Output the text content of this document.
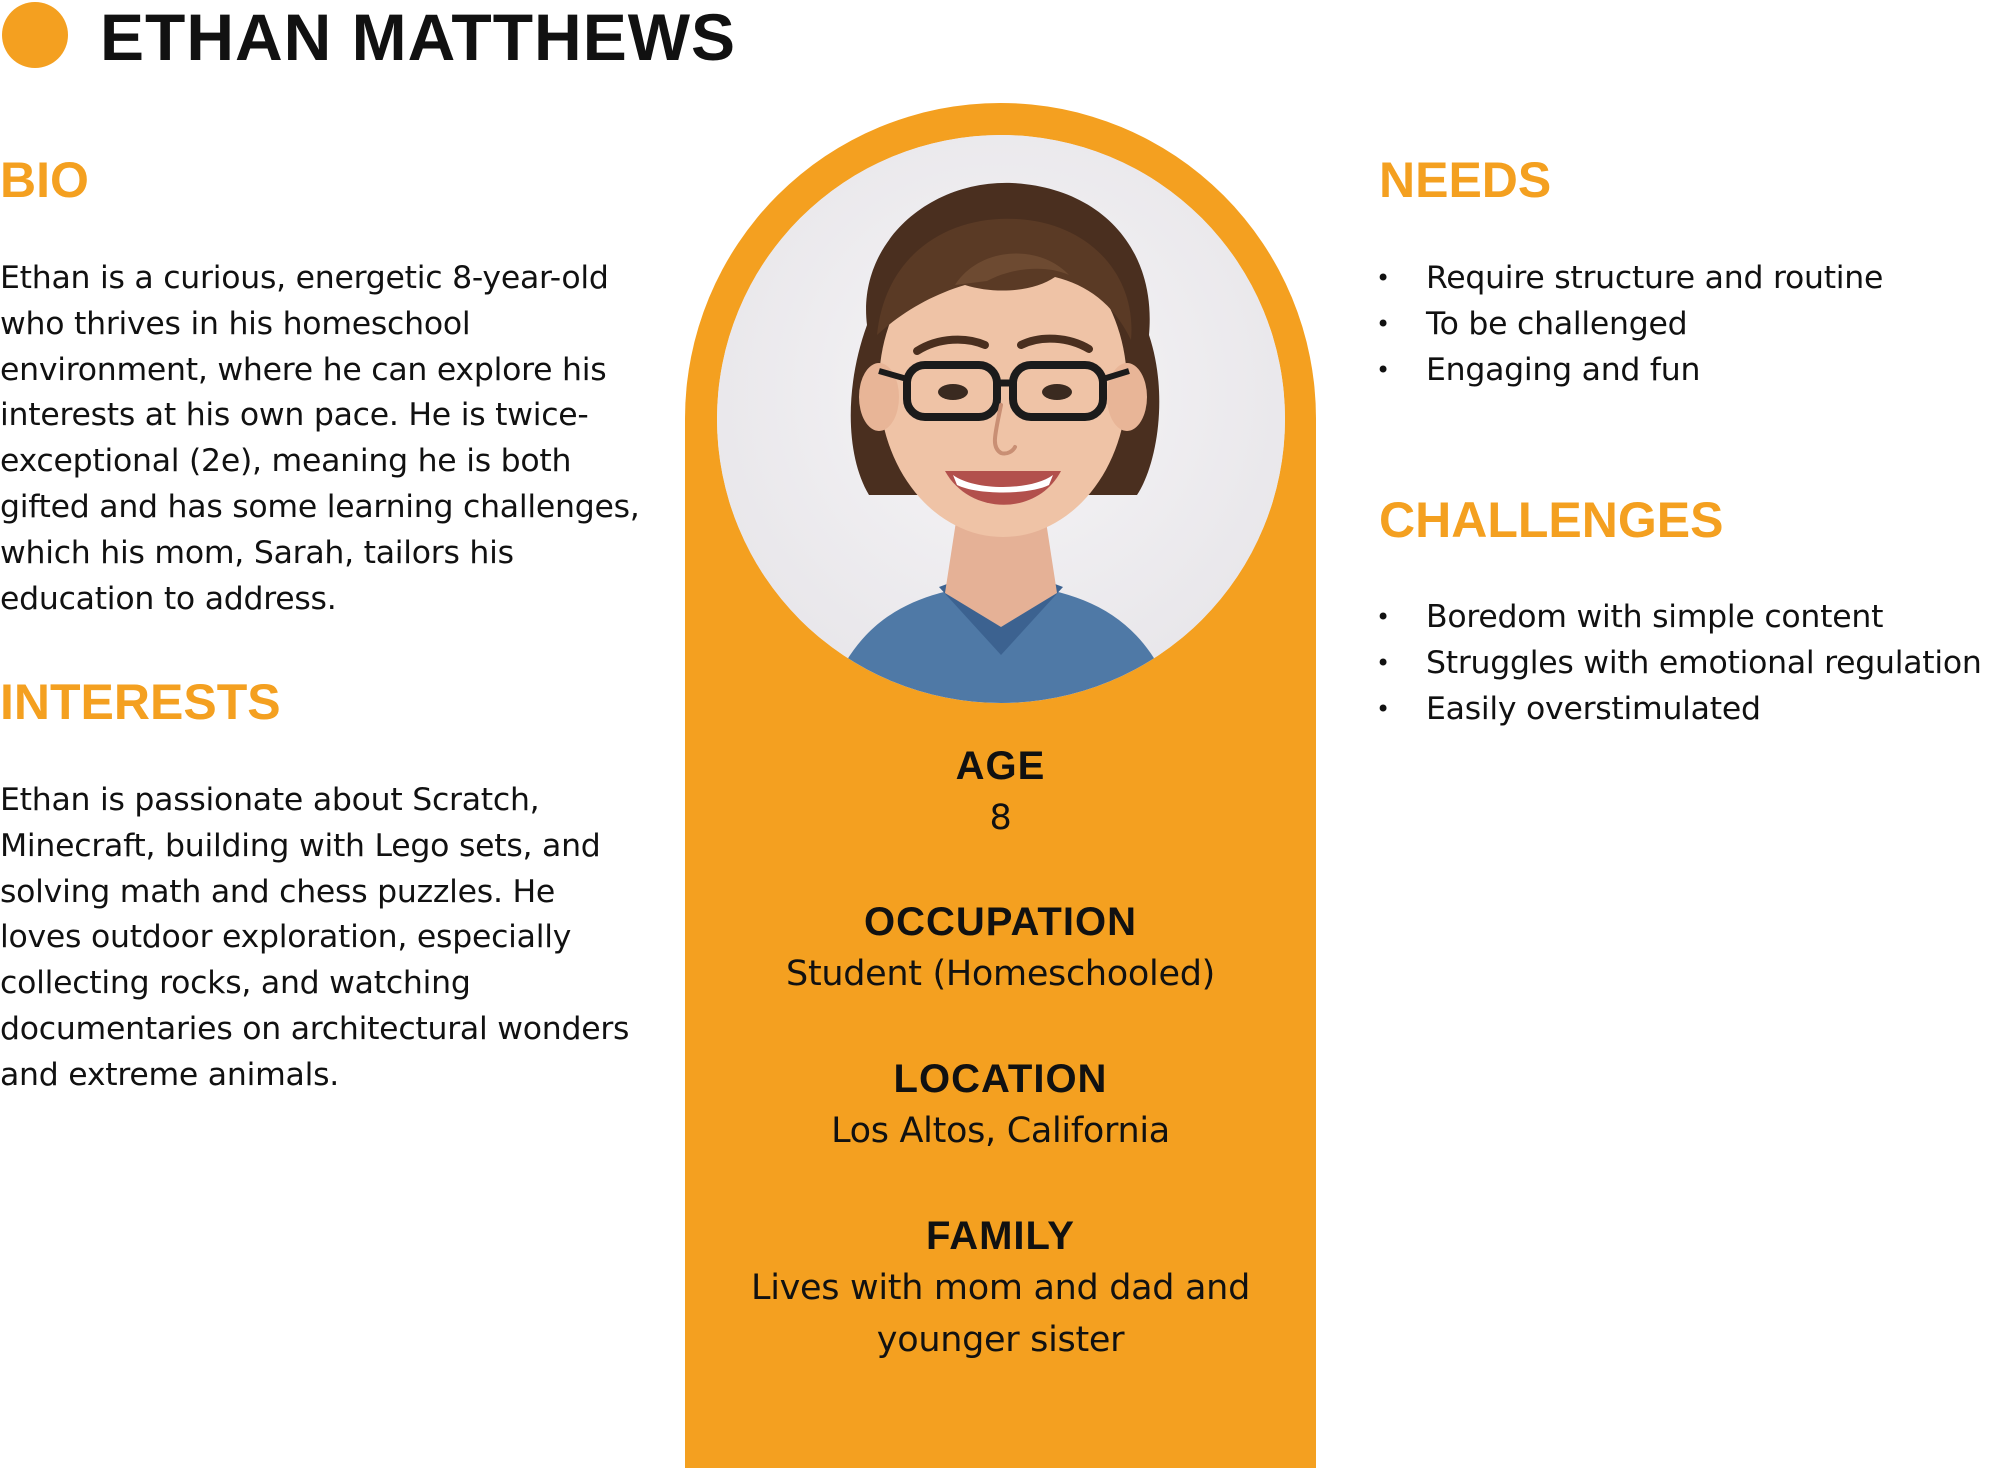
ETHAN MATTHEWS
BIO

Ethan is a curious, energetic 8-year-old who thrives in his homeschool environment, where he can explore his interests at his own pace. He is twice-exceptional (2e), meaning he is both gifted and has some learning challenges, which his mom, Sarah, tailors his education to address.

INTERESTS

Ethan is passionate about Scratch, Minecraft, building with Lego sets, and solving math and chess puzzles. He loves outdoor exploration, especially collecting rocks, and watching documentaries on architectural wonders and extreme animals.

AGE
8
OCCUPATION
Student (Homeschooled)
LOCATION
Los Altos, California
FAMILY
Lives with mom and dad and younger sister
NEEDS
• Require structure and routine
• To be challenged
• Engaging and fun
CHALLENGES
• Boredom with simple content
• Struggles with emotional regulation
• Easily overstimulated
